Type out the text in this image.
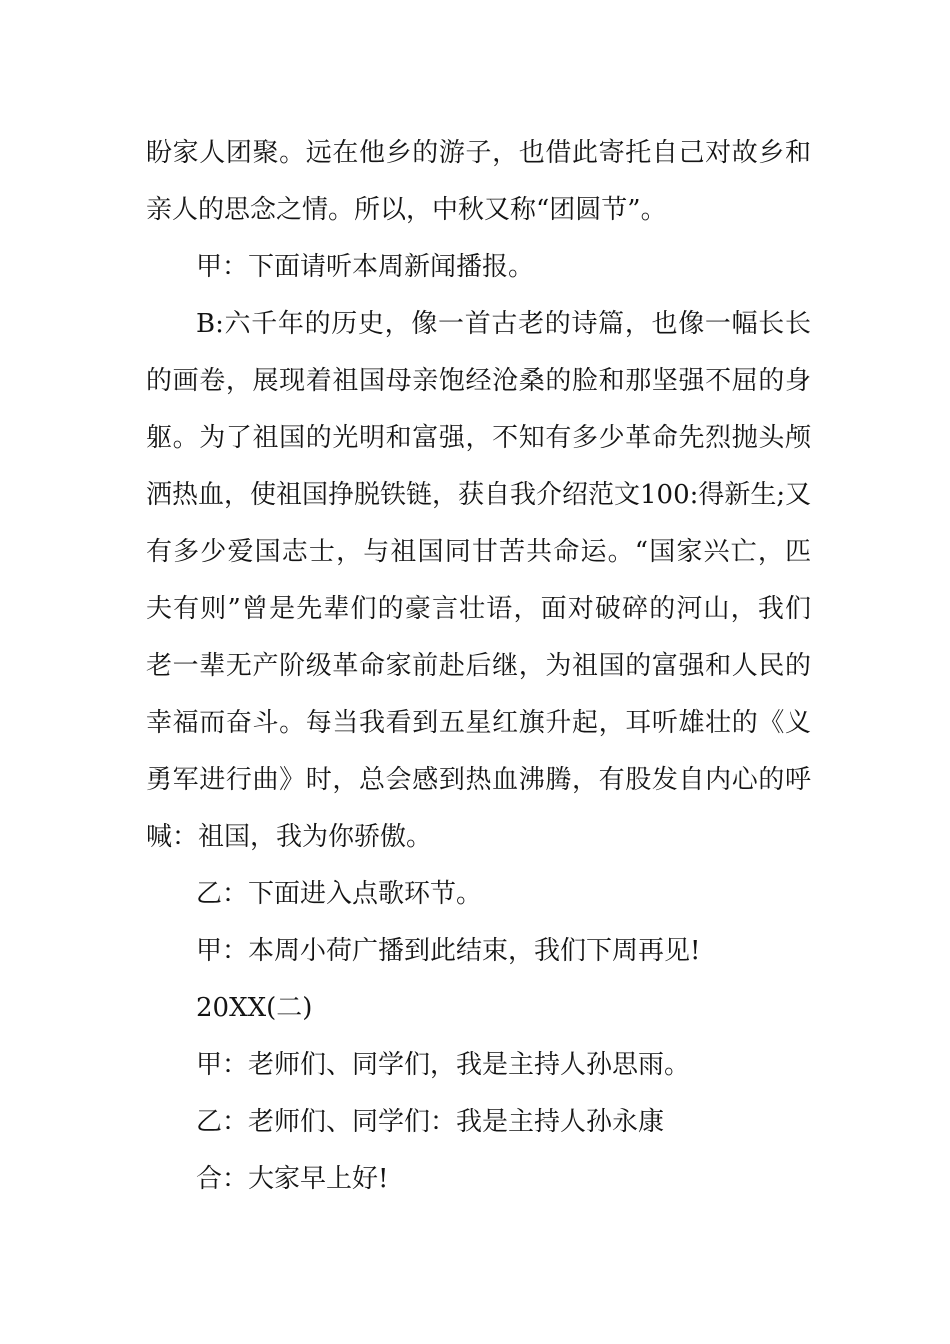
盼家人团聚。远在他乡的游子，也借此寄托自己对故乡和
亲人的思念之情。所以，中秋又称“团圆节”。
甲：下面请听本周新闻播报。
B:六千年的历史，像一首古老的诗篇，也像一幅长长
的画卷，展现着祖国母亲饱经沧桑的脸和那坚强不屈的身
躯。为了祖国的光明和富强，不知有多少革命先烈抛头颅
洒热血，使祖国挣脱铁链，获自我介绍范文100:得新生;又
有多少爱国志士，与祖国同甘苦共命运。“国家兴亡，匹
夫有则”曾是先辈们的豪言壮语，面对破碎的河山，我们
老一辈无产阶级革命家前赴后继，为祖国的富强和人民的
幸福而奋斗。每当我看到五星红旗升起，耳听雄壮的《义
勇军进行曲》时，总会感到热血沸腾，有股发自内心的呼
喊：祖国，我为你骄傲。
乙：下面进入点歌环节。
甲：本周小荷广播到此结束，我们下周再见!
20XX(二)
甲：老师们、同学们，我是主持人孙思雨。
乙：老师们、同学们：我是主持人孙永康
合：大家早上好!
